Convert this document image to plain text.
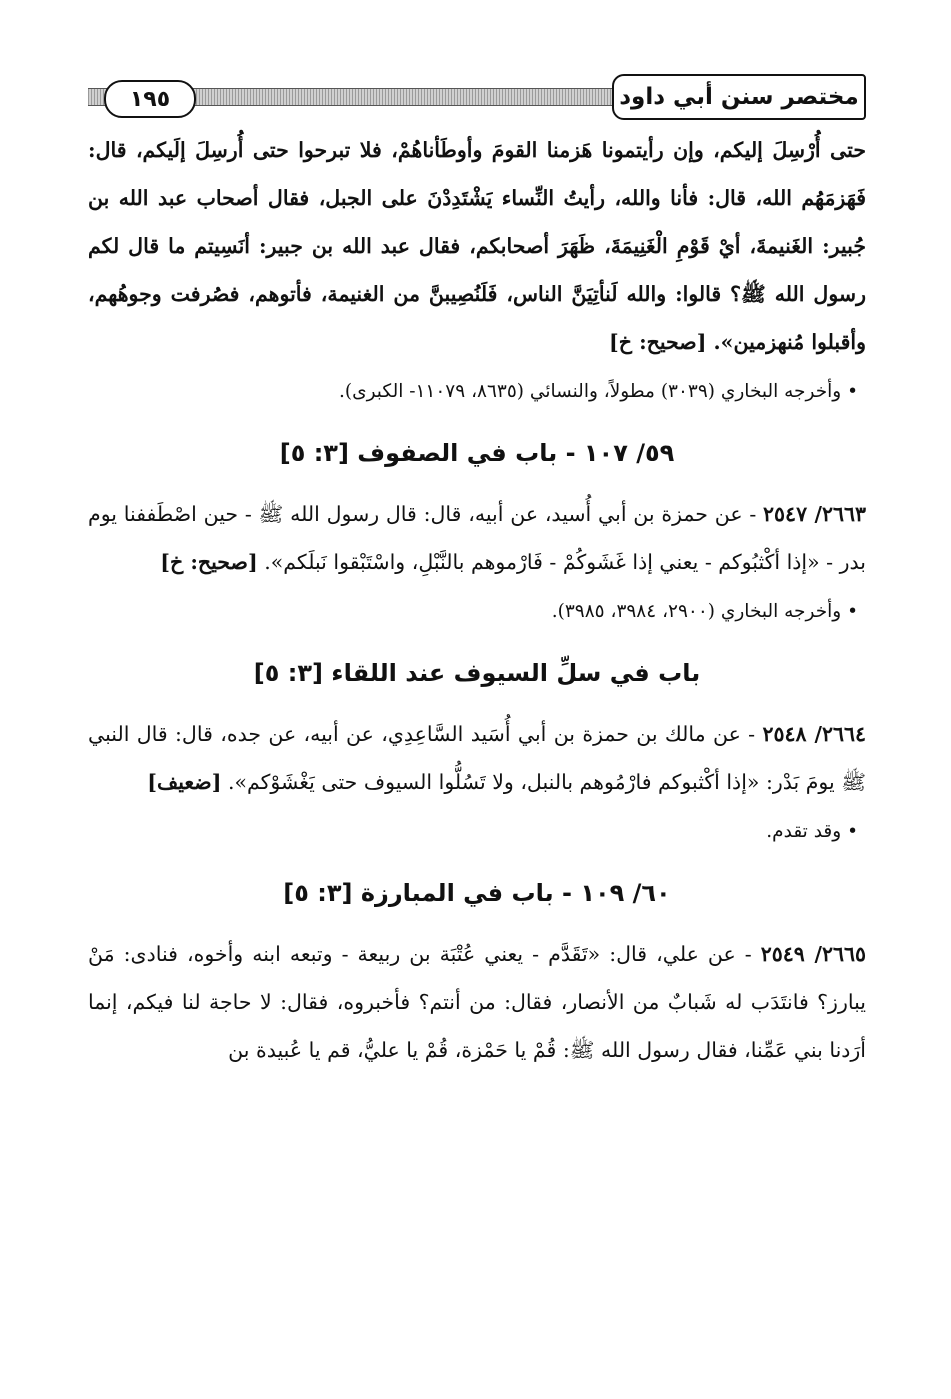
١٩٥	مختصر سنن أبي داود

حتى أُرْسِلَ إليكم، وإن رأيتمونا هَزمنا القومَ وأوطَأناهُمْ، فلا تبرحوا حتى أُرسِلَ إلَيكم، قال: فَهَزمَهُم الله، قال: فأنا والله، رأيتُ النِّساء يَشْتَدِدْنَ على الجبل، فقال أصحاب عبد الله بن جُبير: الغَنيمةَ، أيْ قَوْمِ الْغَنِيمَةَ، ظَهَرَ أصحابكم، فقال عبد الله بن جبير: أنَسِيتم ما قال لكم رسول الله ﷺ؟ قالوا: والله لَنأتِيَنَّ الناس، فَلَنُصِيبنَّ من الغنيمة، فأتوهم، فصُرفت وجوهُهم، وأقبلوا مُنهزمين». [صحيح: خ]

• وأخرجه البخاري (٣٠٣٩) مطولاً، والنسائي (٨٦٣٥، ١١٠٧٩- الكبرى).

٥٩/ ١٠٧ - باب في الصفوف [٣: ٥]

٢٦٦٣/ ٢٥٤٧ - عن حمزة بن أبي أُسيد، عن أبيه، قال: قال رسول الله ﷺ - حين اصْطَففنا يوم بدر - «إذا أكْثبُوكم - يعني إذا غَشَوكُمْ - فَارْموهم بالنَّبْلِ، واسْتَبْقوا نَبلَكم». [صحيح: خ]

• وأخرجه البخاري (٢٩٠٠، ٣٩٨٤، ٣٩٨٥).

باب في سلِّ السيوف عند اللقاء [٣: ٥]

٢٦٦٤/ ٢٥٤٨ - عن مالك بن حمزة بن أبي أُسَيد السَّاعِدِي، عن أبيه، عن جده، قال: قال النبي ﷺ يومَ بَدْر: «إذا أكْثبوكم فارْمُوهم بالنبل، ولا تَسُلُّوا السيوف حتى يَغْشَوْكم». [ضعيف]

• وقد تقدم.

٦٠/ ١٠٩ - باب في المبارزة [٣: ٥]

٢٦٦٥/ ٢٥٤٩ - عن علي، قال: «تَقَدَّم - يعني عُتْبَة بن ربيعة - وتبعه ابنه وأخوه، فنادى: مَنْ يبارز؟ فانتَدَب له شَبابٌ من الأنصار، فقال: من أنتم؟ فأخبروه، فقال: لا حاجة لنا فيكم، إنما أرَدنا بني عَمِّنا، فقال رسول الله ﷺ: قُمْ يا حَمْزة، قُمْ يا عليُّ، قم يا عُبيدة بن
